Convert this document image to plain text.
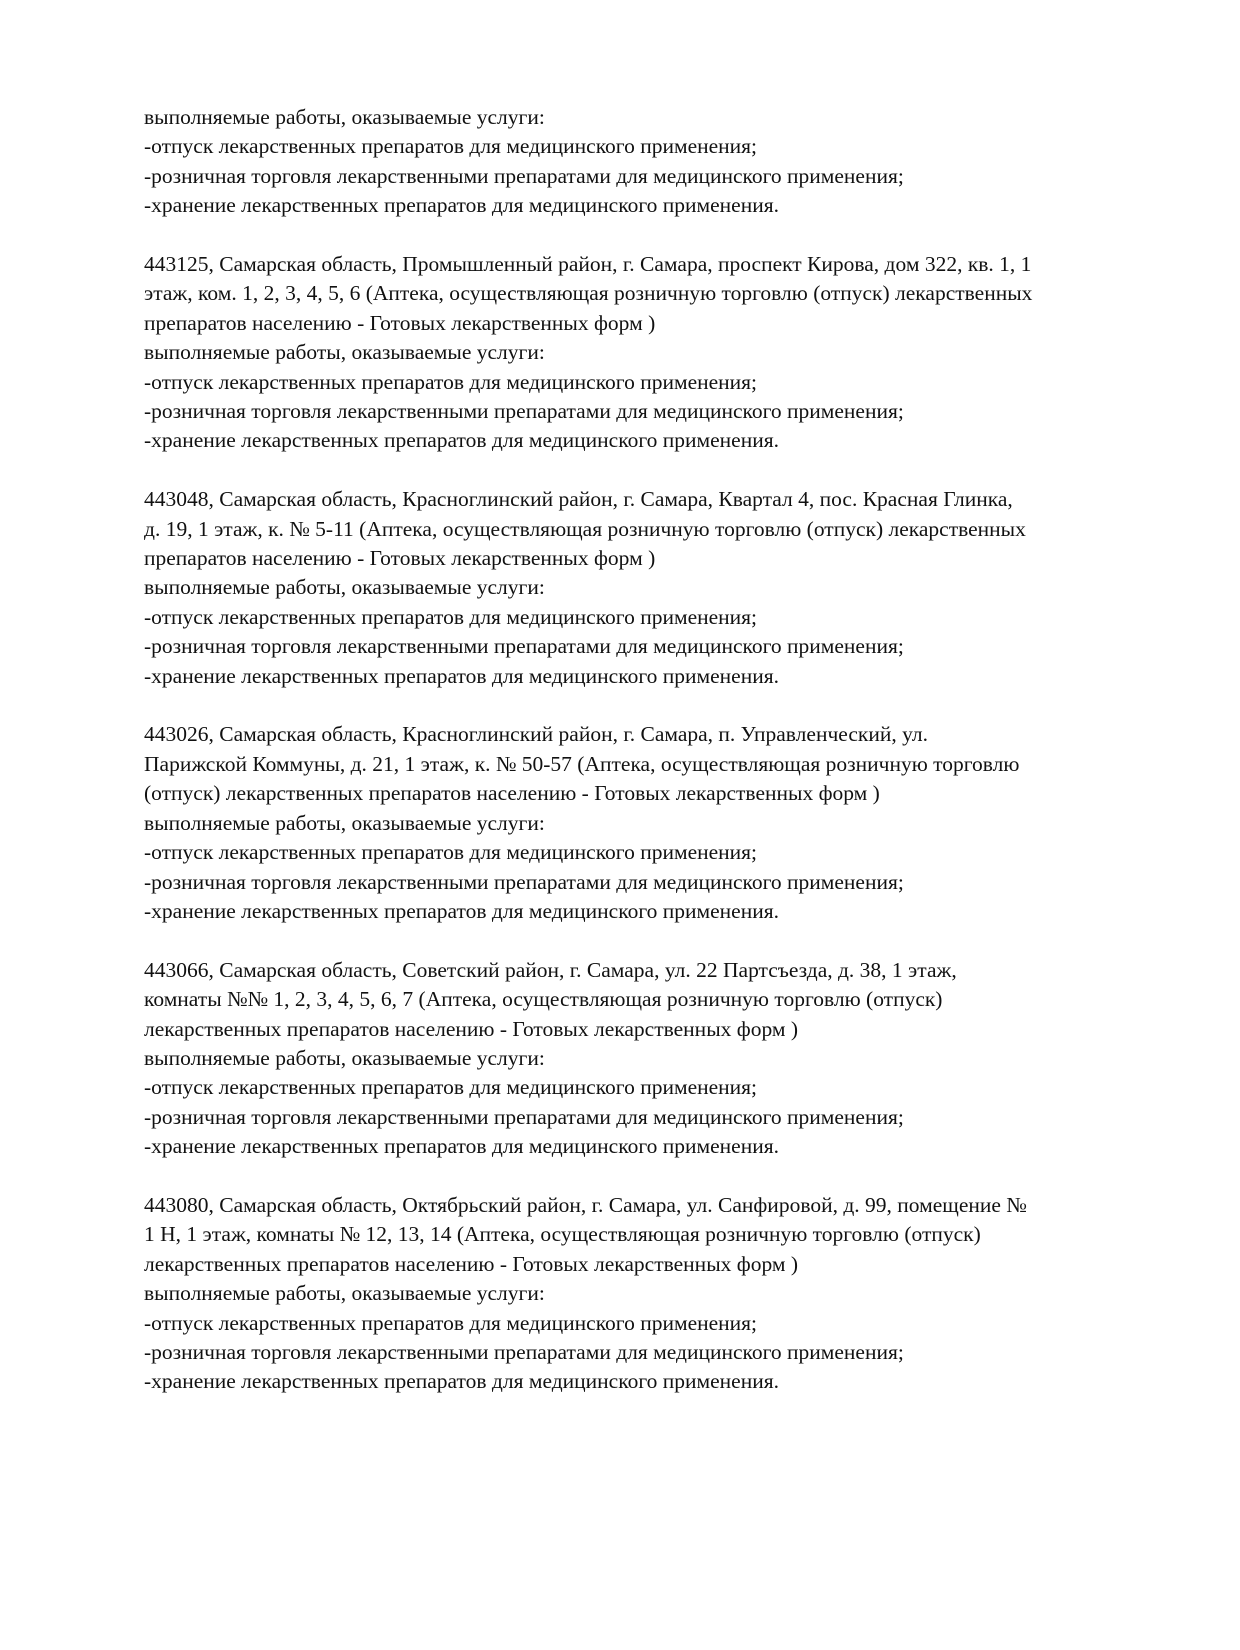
выполняемые работы, оказываемые услуги:
-отпуск лекарственных препаратов для медицинского применения;
-розничная торговля лекарственными препаратами для медицинского применения;
-хранение лекарственных препаратов для медицинского применения.
443125, Самарская область, Промышленный район, г. Самара, проспект Кирова, дом 322, кв. 1, 1
этаж, ком. 1, 2, 3, 4, 5, 6 (Аптека, осуществляющая розничную торговлю (отпуск) лекарственных
препаратов населению - Готовых лекарственных форм )
выполняемые работы, оказываемые услуги:
-отпуск лекарственных препаратов для медицинского применения;
-розничная торговля лекарственными препаратами для медицинского применения;
-хранение лекарственных препаратов для медицинского применения.
443048, Самарская область, Красноглинский район, г. Самара, Квартал 4, пос. Красная Глинка,
д. 19, 1 этаж, к. № 5-11 (Аптека, осуществляющая розничную торговлю (отпуск) лекарственных
препаратов населению - Готовых лекарственных форм )
выполняемые работы, оказываемые услуги:
-отпуск лекарственных препаратов для медицинского применения;
-розничная торговля лекарственными препаратами для медицинского применения;
-хранение лекарственных препаратов для медицинского применения.
443026, Самарская область, Красноглинский район, г. Самара, п. Управленческий, ул.
Парижской Коммуны, д. 21, 1 этаж, к. № 50-57 (Аптека, осуществляющая розничную торговлю
(отпуск) лекарственных препаратов населению - Готовых лекарственных форм )
выполняемые работы, оказываемые услуги:
-отпуск лекарственных препаратов для медицинского применения;
-розничная торговля лекарственными препаратами для медицинского применения;
-хранение лекарственных препаратов для медицинского применения.
443066, Самарская область, Советский район, г. Самара, ул. 22 Партсъезда, д. 38, 1 этаж,
комнаты №№ 1, 2, 3, 4, 5, 6, 7 (Аптека, осуществляющая розничную торговлю (отпуск)
лекарственных препаратов населению - Готовых лекарственных форм )
выполняемые работы, оказываемые услуги:
-отпуск лекарственных препаратов для медицинского применения;
-розничная торговля лекарственными препаратами для медицинского применения;
-хранение лекарственных препаратов для медицинского применения.
443080, Самарская область, Октябрьский район, г. Самара, ул. Санфировой, д. 99, помещение №
1 Н, 1 этаж, комнаты № 12, 13, 14 (Аптека, осуществляющая розничную торговлю (отпуск)
лекарственных препаратов населению - Готовых лекарственных форм )
выполняемые работы, оказываемые услуги:
-отпуск лекарственных препаратов для медицинского применения;
-розничная торговля лекарственными препаратами для медицинского применения;
-хранение лекарственных препаратов для медицинского применения.
